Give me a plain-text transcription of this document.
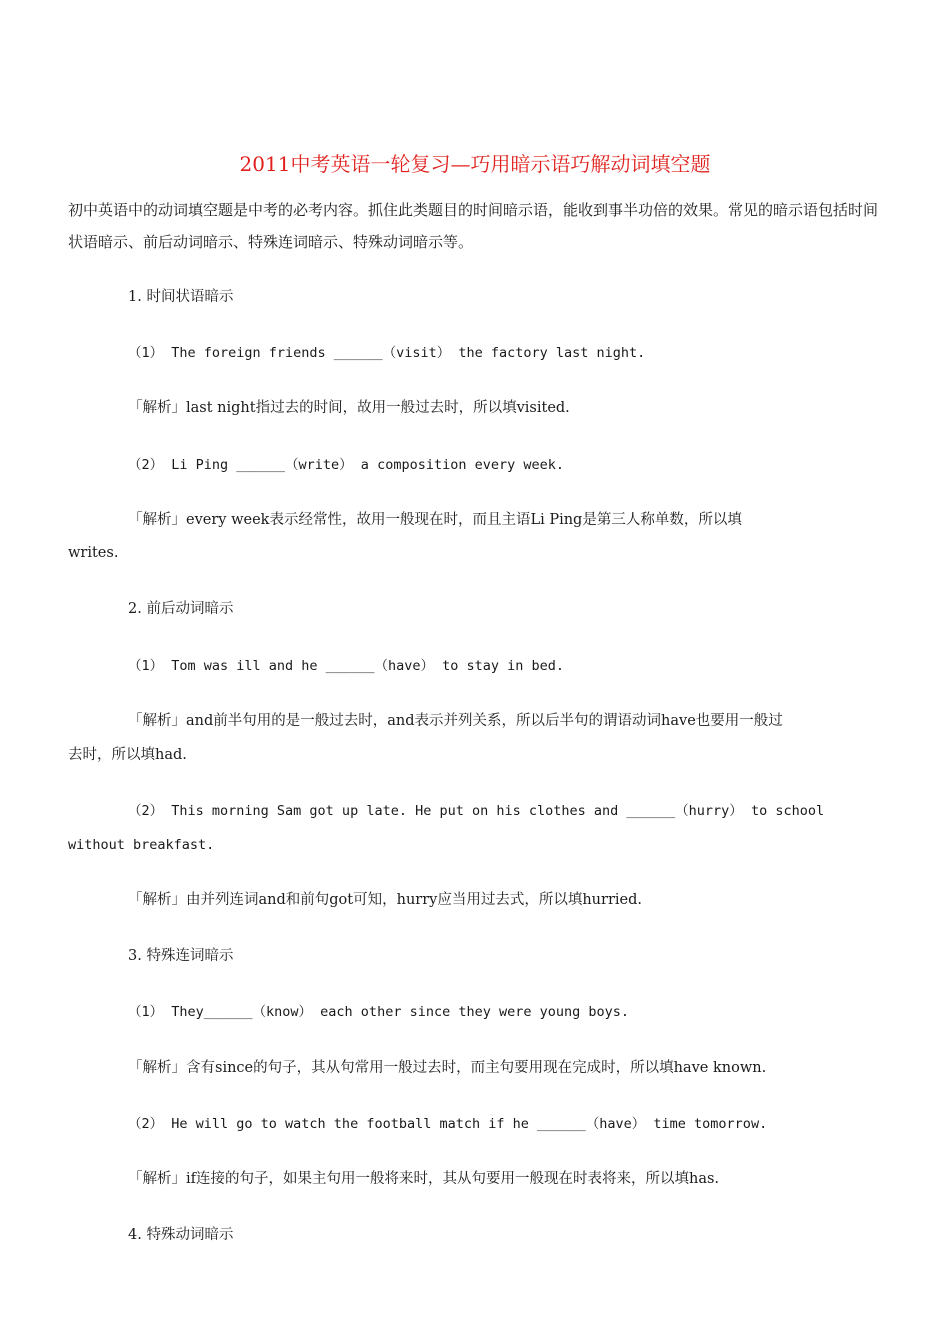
2011中考英语一轮复习—巧用暗示语巧解动词填空题
初中英语中的动词填空题是中考的必考内容。抓住此类题目的时间暗示语，能收到事半功倍的效果。常见的暗示语包括时间状语暗示、前后动词暗示、特殊连词暗示、特殊动词暗示等。
1. 时间状语暗示
（1） The foreign friends ______（visit） the factory last night.
「解析」last night指过去的时间，故用一般过去时，所以填visited.
（2） Li Ping ______（write） a composition every week.
「解析」every week表示经常性，故用一般现在时，而且主语Li Ping是第三人称单数，所以填
writes.
2. 前后动词暗示
（1） Tom was ill and he ______（have） to stay in bed.
「解析」and前半句用的是一般过去时，and表示并列关系，所以后半句的谓语动词have也要用一般过
去时，所以填had.
（2） This morning Sam got up late. He put on his clothes and ______（hurry） to school
without breakfast.
「解析」由并列连词and和前句got可知，hurry应当用过去式，所以填hurried.
3. 特殊连词暗示
（1） They______（know） each other since they were young boys.
「解析」含有since的句子，其从句常用一般过去时，而主句要用现在完成时，所以填have known.
（2） He will go to watch the football match if he ______（have） time tomorrow.
「解析」if连接的句子，如果主句用一般将来时，其从句要用一般现在时表将来，所以填has.
4. 特殊动词暗示
